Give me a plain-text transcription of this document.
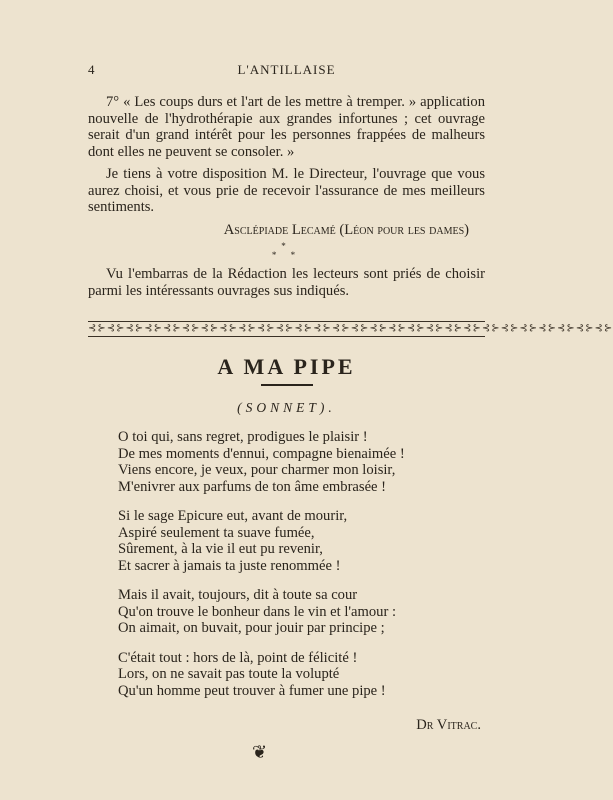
4	L'ANTILLAISE

7° « Les coups durs et l'art de les mettre à tremper. » application nouvelle de l'hydrothérapie aux grandes infortunes ; cet ouvrage serait d'un grand intérêt pour les personnes frappées de malheurs dont elles ne peuvent se consoler. »

Je tiens à votre disposition M. le Directeur, l'ouvrage que vous aurez choisi, et vous prie de recevoir l'assurance de mes meilleurs sentiments.

Asclépiade Lecamé (Léon pour les dames)

*
* *

Vu l'embarras de la Rédaction les lecteurs sont priés de choisir parmi les intéressants ouvrages sus indiqués.

⊰⊱⊰⊱⊰⊱⊰⊱⊰⊱⊰⊱⊰⊱⊰⊱⊰⊱⊰⊱⊰⊱⊰⊱⊰⊱⊰⊱⊰⊱⊰⊱⊰⊱⊰⊱⊰⊱⊰⊱⊰⊱⊰⊱⊰⊱⊰⊱⊰⊱⊰⊱⊰⊱⊰⊱
A MA PIPE
(SONNET).
O toi qui, sans regret, prodigues le plaisir !
De mes moments d'ennui, compagne bienaimée !
Viens encore, je veux, pour charmer mon loisir,
M'enivrer aux parfums de ton âme embrasée !
Si le sage Epicure eut, avant de mourir,
Aspiré seulement ta suave fumée,
Sûrement, à la vie il eut pu revenir,
Et sacrer à jamais ta juste renommée !
Mais il avait, toujours, dit à toute sa cour
Qu'on trouve le bonheur dans le vin et l'amour :
On aimait, on buvait, pour jouir par principe ;
C'était tout : hors de là, point de félicité !
Lors, on ne savait pas toute la volupté
Qu'un homme peut trouver à fumer une pipe !

Dr Vitrac.

❦
